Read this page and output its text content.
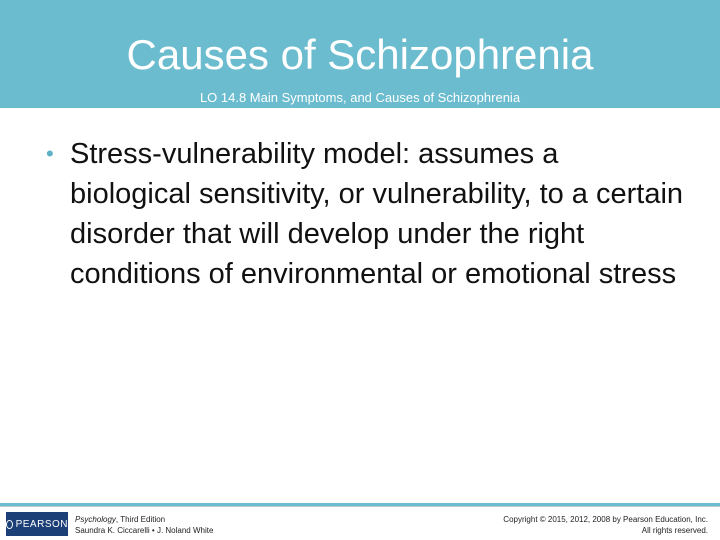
Causes of Schizophrenia
LO 14.8 Main Symptoms, and Causes of Schizophrenia
• Stress-vulnerability model: assumes a biological sensitivity, or vulnerability, to a certain disorder that will develop under the right conditions of environmental or emotional stress
PEARSON Psychology, Third Edition
Saundra K. Ciccarelli • J. Noland White
Copyright © 2015, 2012, 2008 by Pearson Education, Inc.
All rights reserved.
